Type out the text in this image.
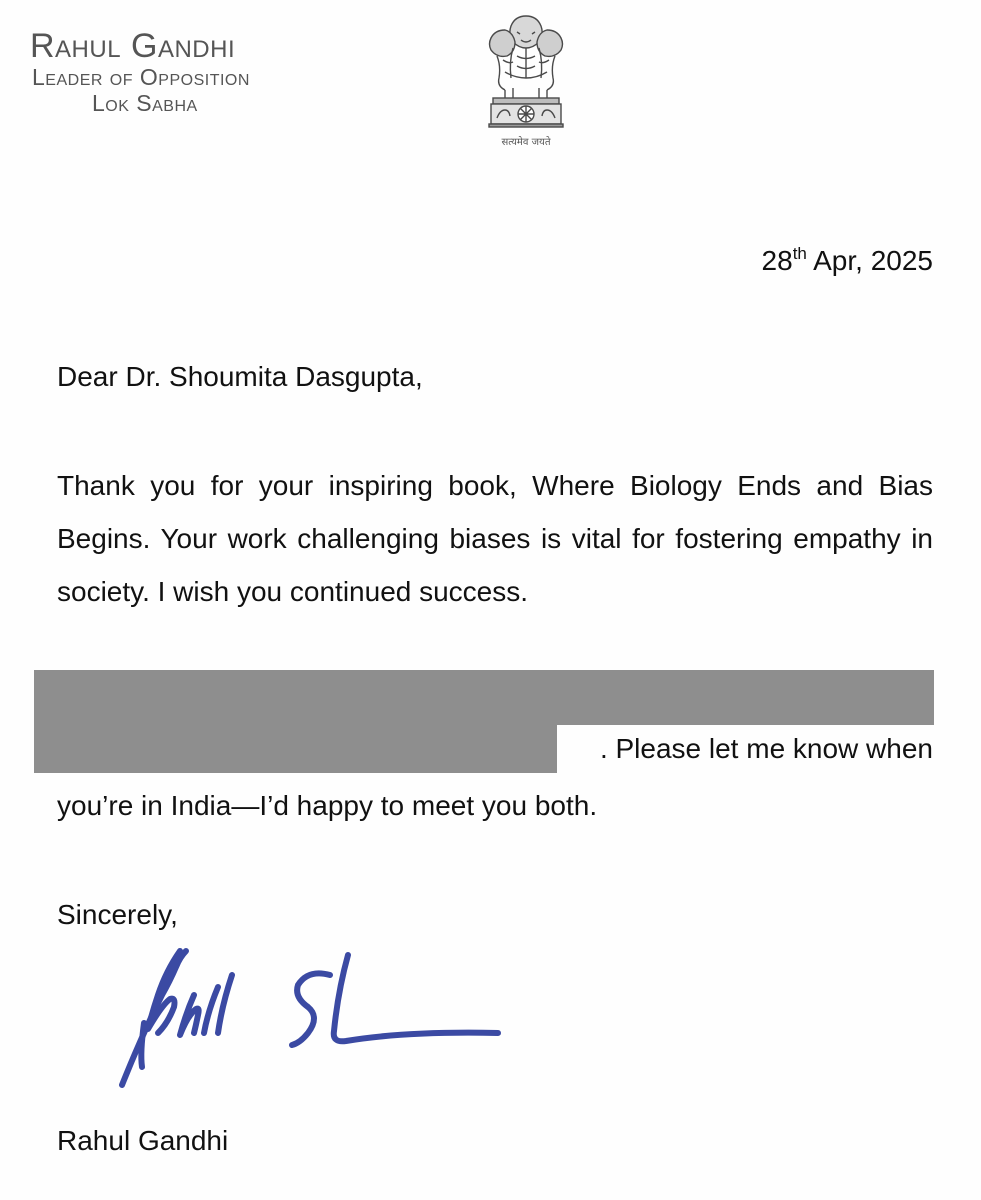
Rahul Gandhi
Leader of Opposition
Lok Sabha
सत्यमेव जयते
28th Apr, 2025
Dear Dr. Shoumita Dasgupta,
Thank you for your inspiring book, Where Biology Ends and Bias Begins. Your work challenging biases is vital for fostering empathy in society. I wish you continued success.
. Please let me know when
you’re in India—I’d happy to meet you both.
Sincerely,
Rahul Gandhi
